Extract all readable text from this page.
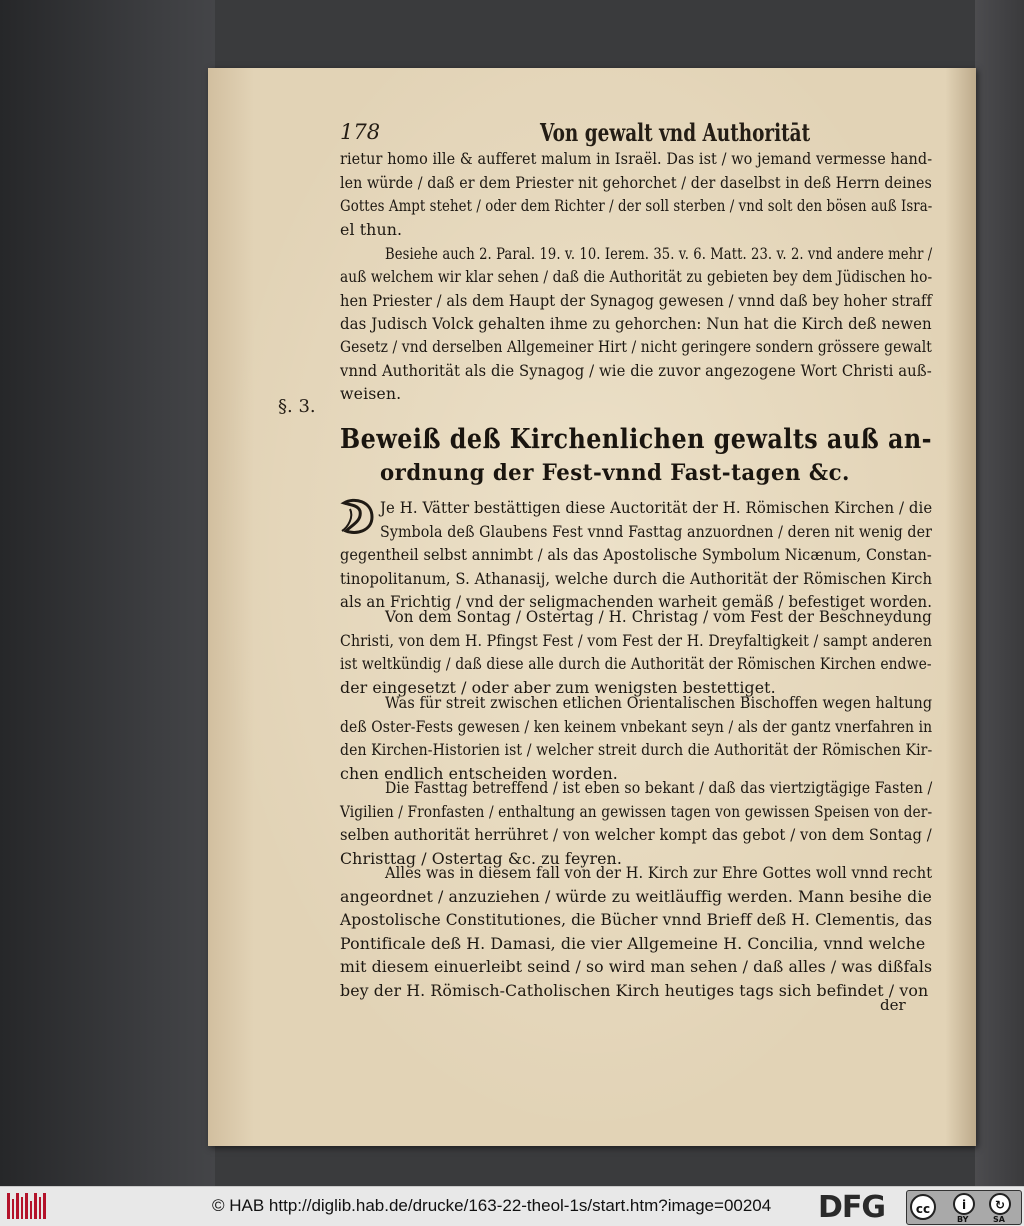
178	Von gewalt vnd Authoritāt
§. 3.
Beweiß deß Kirchenlichen gewalts auß an-
ordnung der Fest-vnnd Fast-tagen &c.
der
© HAB http://diglib.hab.de/drucke/163-22-theol-1s/start.htm?image=00204 DFG	cc	i	↻
BY	SA
rietur homo ille & aufferet malum in Israël. Das ist / wo jemand vermesse hand-
len würde / daß er dem Priester nit gehorchet / der daselbst in deß Herrn deines
Gottes Ampt stehet / oder dem Richter / der soll sterben / vnd solt den bösen auß Isra-
el thun.
Besiehe auch 2. Paral. 19. v. 10. Ierem. 35. v. 6. Matt. 23. v. 2. vnd andere mehr /
auß welchem wir klar sehen / daß die Authorität zu gebieten bey dem Jüdischen ho-
hen Priester / als dem Haupt der Synagog gewesen / vnnd daß bey hoher straff
das Judisch Volck gehalten ihme zu gehorchen: Nun hat die Kirch deß newen
Gesetz / vnd derselben Allgemeiner Hirt / nicht geringere sondern grössere gewalt
vnnd Authorität als die Synagog / wie die zuvor angezogene Wort Christi auß-
weisen.
Je H. Vätter bestättigen diese Auctorität der H. Römischen Kirchen / die
Symbola deß Glaubens Fest vnnd Fasttag anzuordnen / deren nit wenig der
gegentheil selbst annimbt / als das Apostolische Symbolum Nicænum, Constan-
tinopolitanum, S. Athanasij, welche durch die Authorität der Römischen Kirch
als an Frichtig / vnd der seligmachenden warheit gemäß / befestiget worden.
Von dem Sontag / Ostertag / H. Christag / vom Fest der Beschneydung
Christi, von dem H. Pfingst Fest / vom Fest der H. Dreyfaltigkeit / sampt anderen
ist weltkündig / daß diese alle durch die Authorität der Römischen Kirchen endwe-
der eingesetzt / oder aber zum wenigsten bestettiget.
Was für streit zwischen etlichen Orientalischen Bischoffen wegen haltung
deß Oster-Fests gewesen / ken keinem vnbekant seyn / als der gantz vnerfahren in
den Kirchen-Historien ist / welcher streit durch die Authorität der Römischen Kir-
chen endlich entscheiden worden.
Die Fasttag betreffend / ist eben so bekant / daß das viertzigtägige Fasten /
Vigilien / Fronfasten / enthaltung an gewissen tagen von gewissen Speisen von der-
selben authorität herrühret / von welcher kompt das gebot / von dem Sontag /
Christtag / Ostertag &c. zu feyren.
Alles was in diesem fall von der H. Kirch zur Ehre Gottes woll vnnd recht
angeordnet / anzuziehen / würde zu weitläuffig werden. Mann besihe die
Apostolische Constitutiones, die Bücher vnnd Brieff deß H. Clementis, das
Pontificale deß H. Damasi, die vier Allgemeine H. Concilia, vnnd welche
mit diesem einuerleibt seind / so wird man sehen / daß alles / was dißfals
bey der H. Römisch-Catholischen Kirch heutiges tags sich befindet / von
